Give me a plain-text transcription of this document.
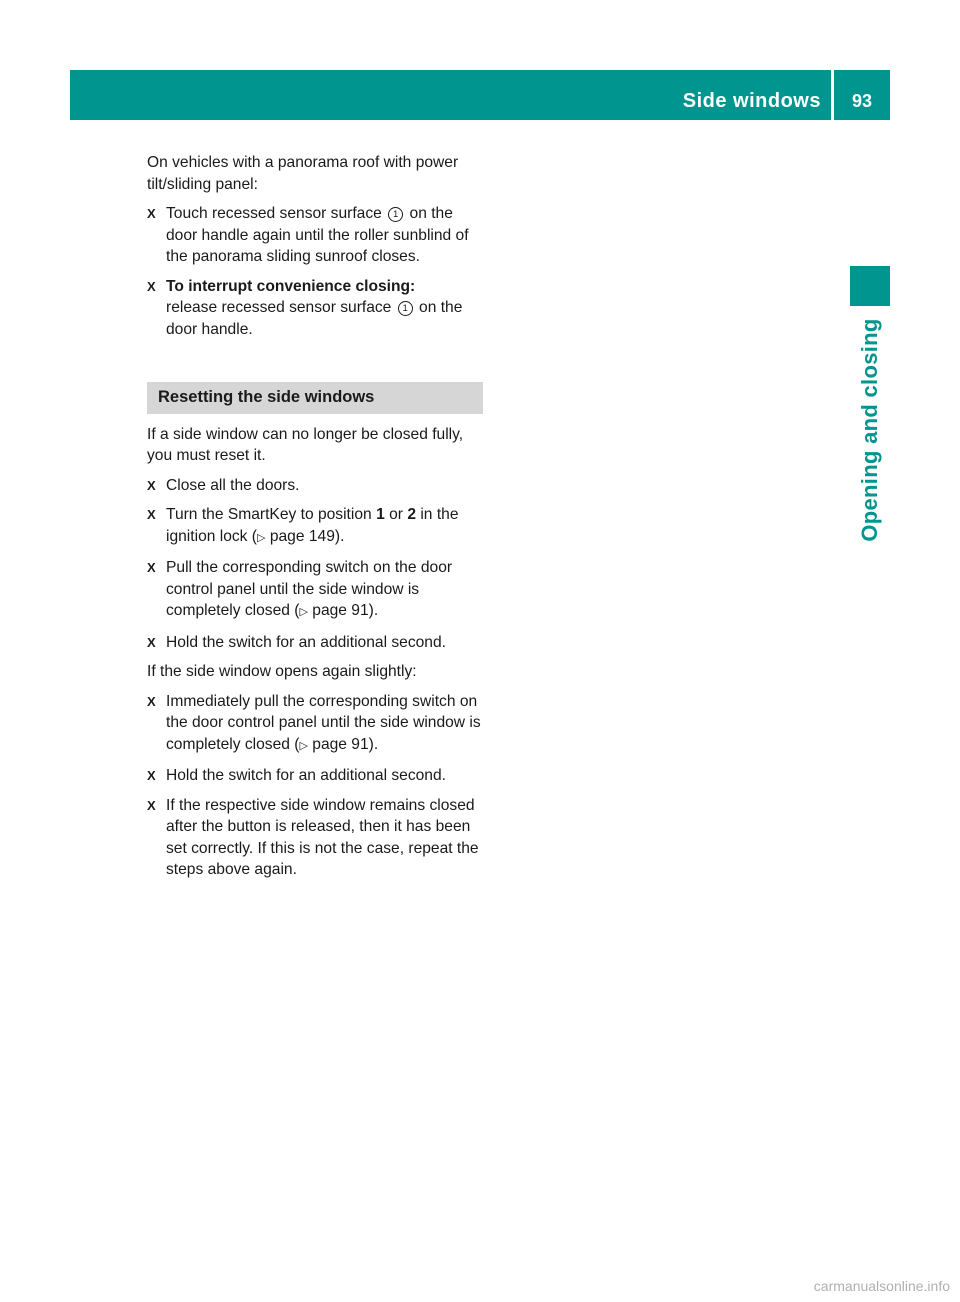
Side windows	93
Opening and closing

On vehicles with a panorama roof with power tilt/sliding panel:

X Touch recessed sensor surface 1 on the door handle again until the roller sunblind of the panorama sliding sunroof closes.
X To interrupt convenience closing:
release recessed sensor surface 1 on the door handle.
Resetting the side windows

If a side window can no longer be closed fully, you must reset it.

X Close all the doors.
X Turn the SmartKey to position 1 or 2 in the ignition lock (▷ page 149).
X Pull the corresponding switch on the door control panel until the side window is completely closed (▷ page 91).
X Hold the switch for an additional second.

If the side window opens again slightly:

X Immediately pull the corresponding switch on the door control panel until the side window is completely closed (▷ page 91).
X Hold the switch for an additional second.
X If the respective side window remains closed after the button is released, then it has been set correctly. If this is not the case, repeat the steps above again.
carmanualsonline.info
